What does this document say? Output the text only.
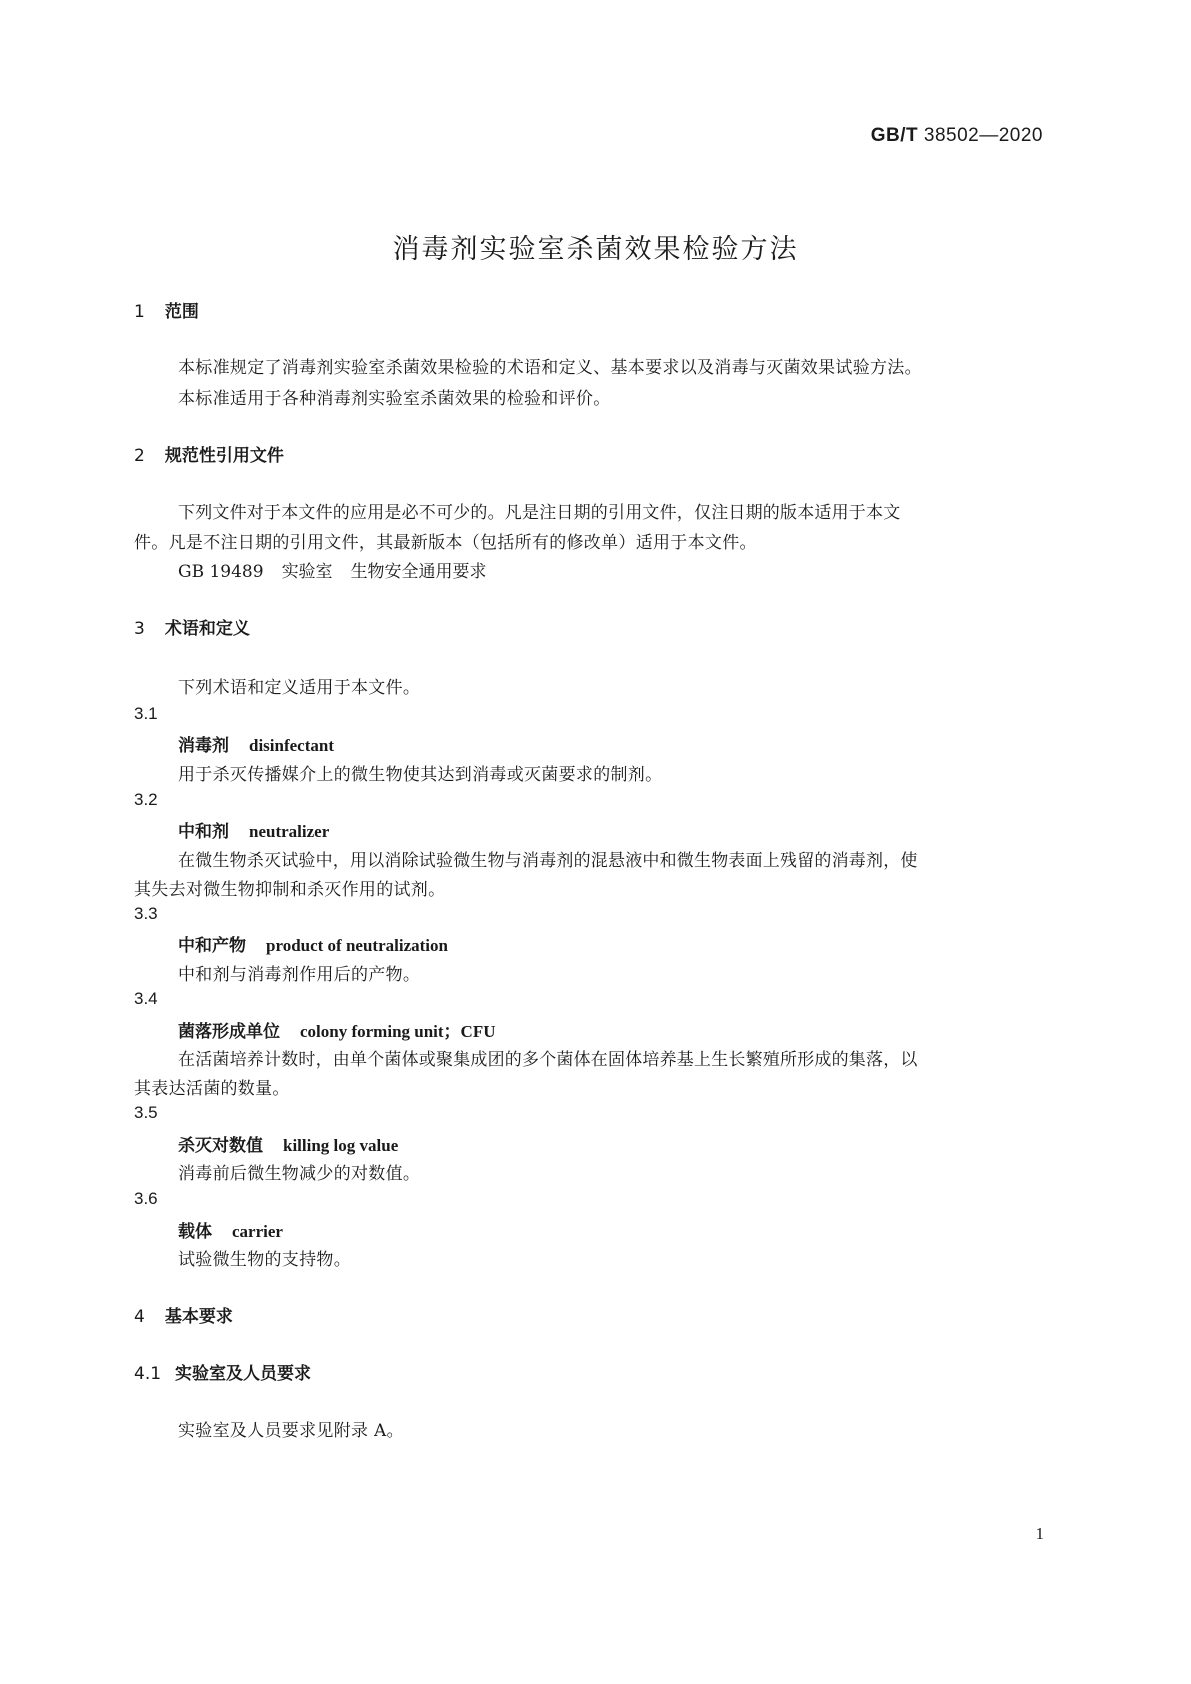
GB/T 38502—2020
消毒剂实验室杀菌效果检验方法
1 范围
本标准规定了消毒剂实验室杀菌效果检验的术语和定义、基本要求以及消毒与灭菌效果试验方法。
本标准适用于各种消毒剂实验室杀菌效果的检验和评价。
2 规范性引用文件
下列文件对于本文件的应用是必不可少的。凡是注日期的引用文件，仅注日期的版本适用于本文
件。凡是不注日期的引用文件，其最新版本（包括所有的修改单）适用于本文件。
GB 19489 实验室 生物安全通用要求
3 术语和定义
下列术语和定义适用于本文件。
3.1
消毒剂 disinfectant
用于杀灭传播媒介上的微生物使其达到消毒或灭菌要求的制剂。
3.2
中和剂 neutralizer
在微生物杀灭试验中，用以消除试验微生物与消毒剂的混悬液中和微生物表面上残留的消毒剂，使
其失去对微生物抑制和杀灭作用的试剂。
3.3
中和产物 product of neutralization
中和剂与消毒剂作用后的产物。
3.4
菌落形成单位 colony forming unit；CFU
在活菌培养计数时，由单个菌体或聚集成团的多个菌体在固体培养基上生长繁殖所形成的集落，以
其表达活菌的数量。
3.5
杀灭对数值 killing log value
消毒前后微生物减少的对数值。
3.6
载体 carrier
试验微生物的支持物。
4 基本要求
4.1 实验室及人员要求
实验室及人员要求见附录 A。
1
